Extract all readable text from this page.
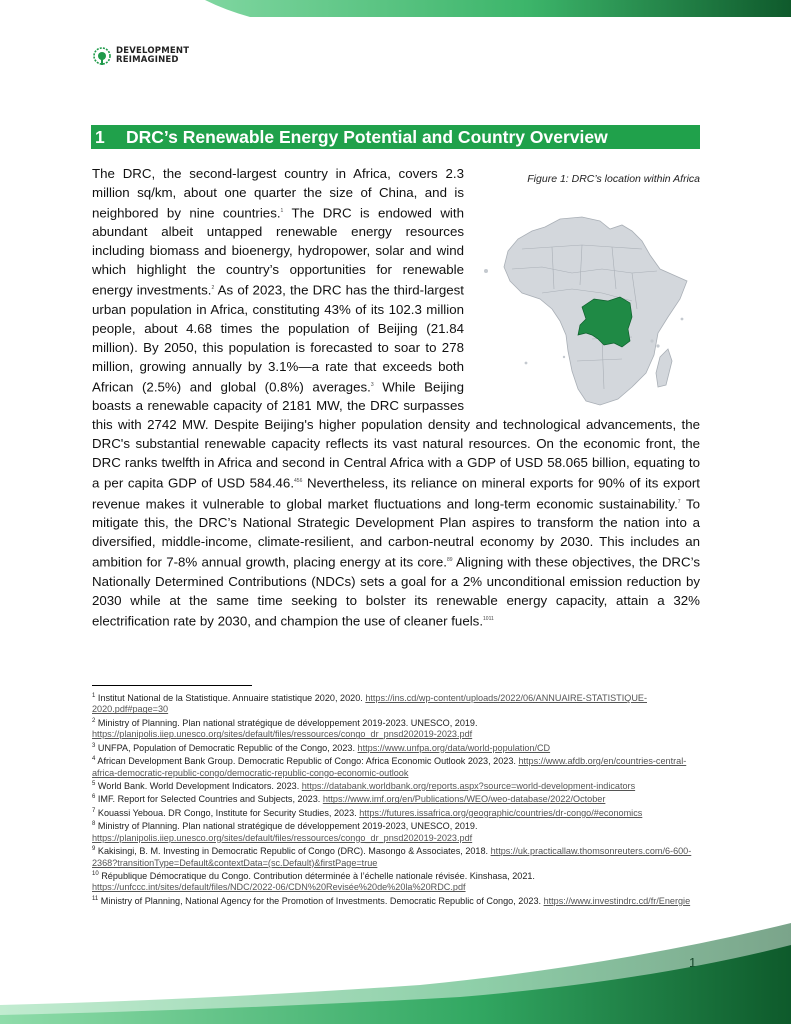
DEVELOPMENT
REIMAGINED
1	DRC’s Renewable Energy Potential and Country Overview
Figure 1: DRC’s location within Africa
The DRC, the second-largest country in Africa, covers 2.3 million sq/km, about one quarter the size of China, and is neighbored by nine countries.$^1$ The DRC is endowed with abundant albeit untapped renewable energy resources including biomass and bioenergy, hydropower, solar and wind which highlight the country’s opportunities for renewable energy investments.$^2$ As of 2023, the DRC has the third-largest urban population in Africa, constituting 43% of its 102.3 million people, about 4.68 times the population of Beijing (21.84 million). By 2050, this population is forecasted to soar to 278 million, growing annually by 3.1%—a rate that exceeds both African (2.5%) and global (0.8%) averages.$^3$ While Beijing boasts a renewable capacity of 2181 MW, the DRC surpasses this with 2742 MW. Despite Beijing's higher population density and technological advancements, the DRC's substantial renewable capacity reflects its vast natural resources. On the economic front, the DRC ranks twelfth in Africa and second in Central Africa with a GDP of USD 58.065 billion, equating to a per capita GDP of USD 584.46.$^{456}$ Nevertheless, its reliance on mineral exports for 90% of its export revenue makes it vulnerable to global market fluctuations and long-term economic sustainability.$^7$ To mitigate this, the DRC’s National Strategic Development Plan aspires to transform the nation into a diversified, middle-income, climate-resilient, and carbon-neutral economy by 2030. This includes an ambition for 7-8% annual growth, placing energy at its core.$^{89}$ Aligning with these objectives, the DRC’s Nationally Determined Contributions (NDCs) sets a goal for a 2% unconditional emission reduction by 2030 while at the same time seeking to bolster its renewable energy capacity, attain a 32% electrification rate by 2030, and champion the use of cleaner fuels.$^{1011}$

$^1$ Institut National de la Statistique. Annuaire statistique 2020, 2020. https://ins.cd/wp-content/uploads/2022/06/ANNUAIRE-STATISTIQUE-2020.pdf#page=30

$^2$ Ministry of Planning. Plan national stratégique de développement 2019-2023. UNESCO, 2019. https://planipolis.iiep.unesco.org/sites/default/files/ressources/congo_dr_pnsd202019-2023.pdf

$^3$ UNFPA, Population of Democratic Republic of the Congo, 2023. https://www.unfpa.org/data/world-population/CD

$^4$ African Development Bank Group. Democratic Republic of Congo: Africa Economic Outlook 2023, 2023. https://www.afdb.org/en/countries-central-africa-democratic-republic-congo/democratic-republic-congo-economic-outlook

$^5$ World Bank. World Development Indicators. 2023. https://databank.worldbank.org/reports.aspx?source=world-development-indicators

$^6$ IMF. Report for Selected Countries and Subjects, 2023. https://www.imf.org/en/Publications/WEO/weo-database/2022/October

$^7$ Kouassi Yeboua. DR Congo, Institute for Security Studies, 2023. https://futures.issafrica.org/geographic/countries/dr-congo/#economics

$^8$ Ministry of Planning. Plan national stratégique de développement 2019-2023, UNESCO, 2019. https://planipolis.iiep.unesco.org/sites/default/files/ressources/congo_dr_pnsd202019-2023.pdf

$^9$ Kakisingi, B. M. Investing in Democratic Republic of Congo (DRC). Masongo & Associates, 2018. https://uk.practicallaw.thomsonreuters.com/6-600-2368?transitionType=Default&contextData=(sc.Default)&firstPage=true

$^{10}$ République Démocratique du Congo. Contribution déterminée à l’échelle nationale révisée. Kinshasa, 2021. https://unfccc.int/sites/default/files/NDC/2022-06/CDN%20Revisée%20de%20la%20RDC.pdf

$^{11}$ Ministry of Planning, National Agency for the Promotion of Investments. Democratic Republic of Congo, 2023. https://www.investindrc.cd/fr/Energie
